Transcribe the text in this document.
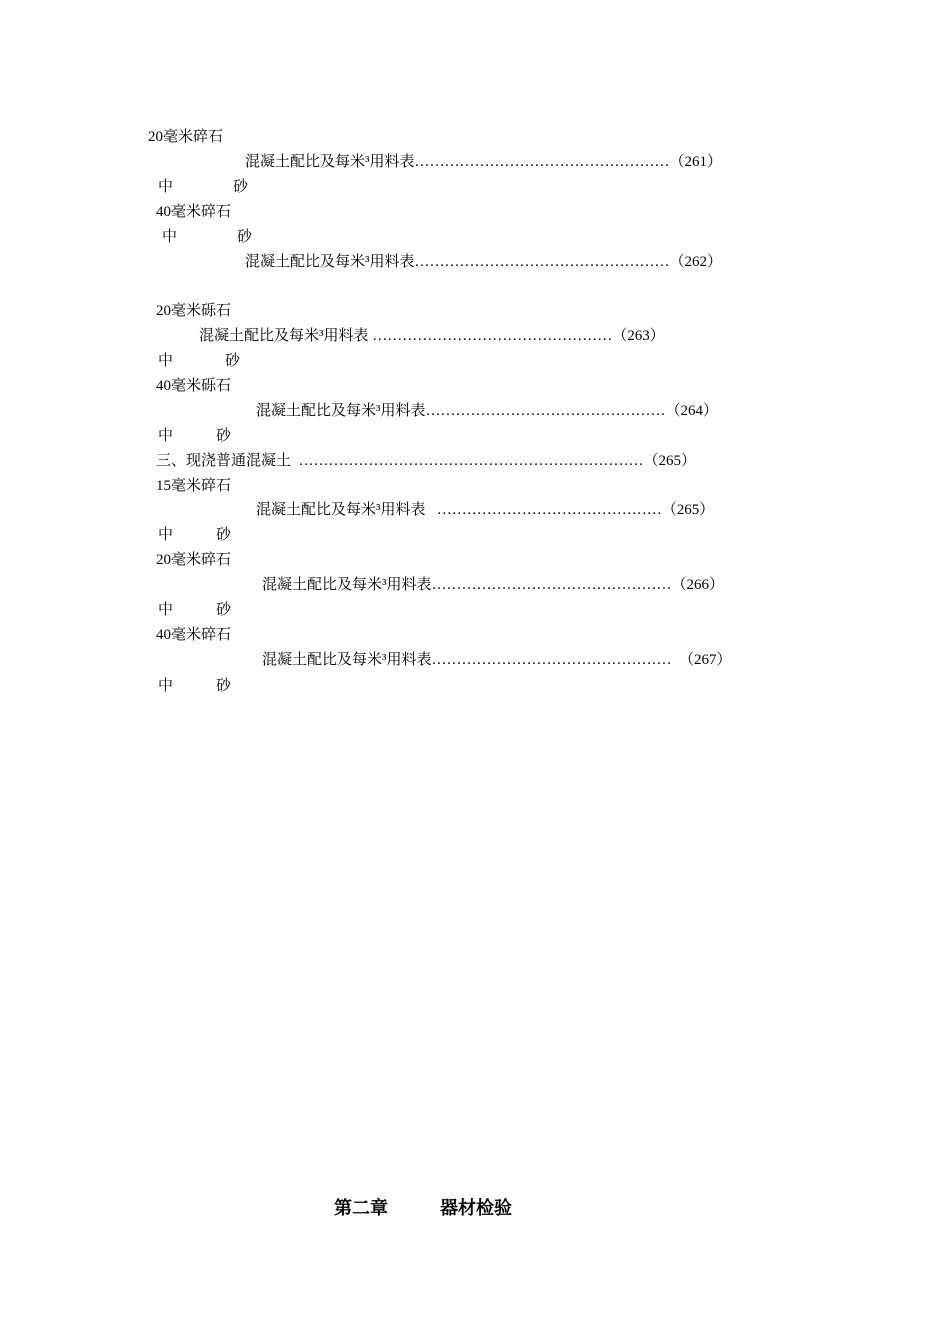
20毫米碎石
混凝土配比及每米³用料表……………………………………………（261）
中	砂
40毫米碎石
中	砂
混凝土配比及每米³用料表……………………………………………（262）
20毫米砾石
混凝土配比及每米³用料表 …………………………………………（263）
中	砂
40毫米砾石
混凝土配比及每米³用料表…………………………………………（264）
中	砂
三、现浇普通混凝土  ……………………………………………………………（265）
15毫米碎石
混凝土配比及每米³用料表   ………………………………………（265）
中	砂
20毫米碎石
混凝土配比及每米³用料表…………………………………………（266）
中	砂
40毫米碎石
混凝土配比及每米³用料表…………………………………………  （267）
中	砂
第二章	器材检验
